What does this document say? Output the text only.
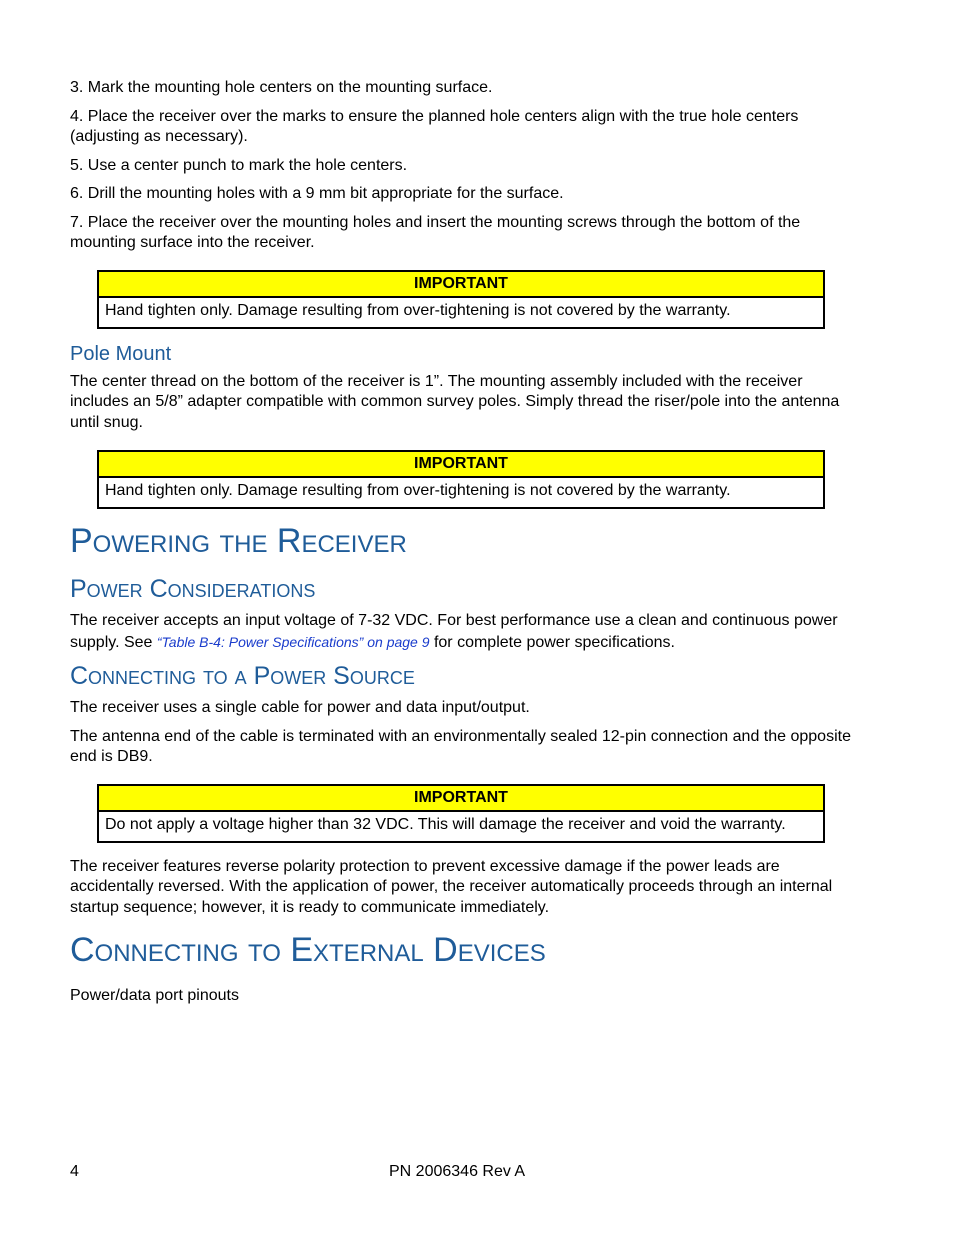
3. Mark the mounting hole centers on the mounting surface.

4. Place the receiver over the marks to ensure the planned hole centers align with the true hole centers (adjusting as necessary).

5. Use a center punch to mark the hole centers.

6. Drill the mounting holes with a 9 mm bit appropriate for the surface.

7. Place the receiver over the mounting holes and insert the mounting screws through the bottom of the mounting surface into the receiver.

IMPORTANT
Hand tighten only. Damage resulting from over-tightening is not covered by the warranty.
Pole Mount

The center thread on the bottom of the receiver is 1”. The mounting assembly included with the receiver includes an 5/8” adapter compatible with common survey poles. Simply thread the riser/pole into the antenna until snug.

IMPORTANT
Hand tighten only. Damage resulting from over-tightening is not covered by the warranty.
Powering the Receiver
Power Considerations

The receiver accepts an input voltage of 7-32 VDC. For best performance use a clean and continuous power supply. See “Table B-4: Power Specifications” on page 9 for complete power specifications.

Connecting to a Power Source

The receiver uses a single cable for power and data input/output.

The antenna end of the cable is terminated with an environmentally sealed 12-pin connection and the opposite end is DB9.

IMPORTANT
Do not apply a voltage higher than 32 VDC. This will damage the receiver and void the warranty.

The receiver features reverse polarity protection to prevent excessive damage if the power leads are accidentally reversed. With the application of power, the receiver automatically proceeds through an internal startup sequence; however, it is ready to communicate immediately.

Connecting to External Devices

Power/data port pinouts

4	PN 2006346 Rev A
